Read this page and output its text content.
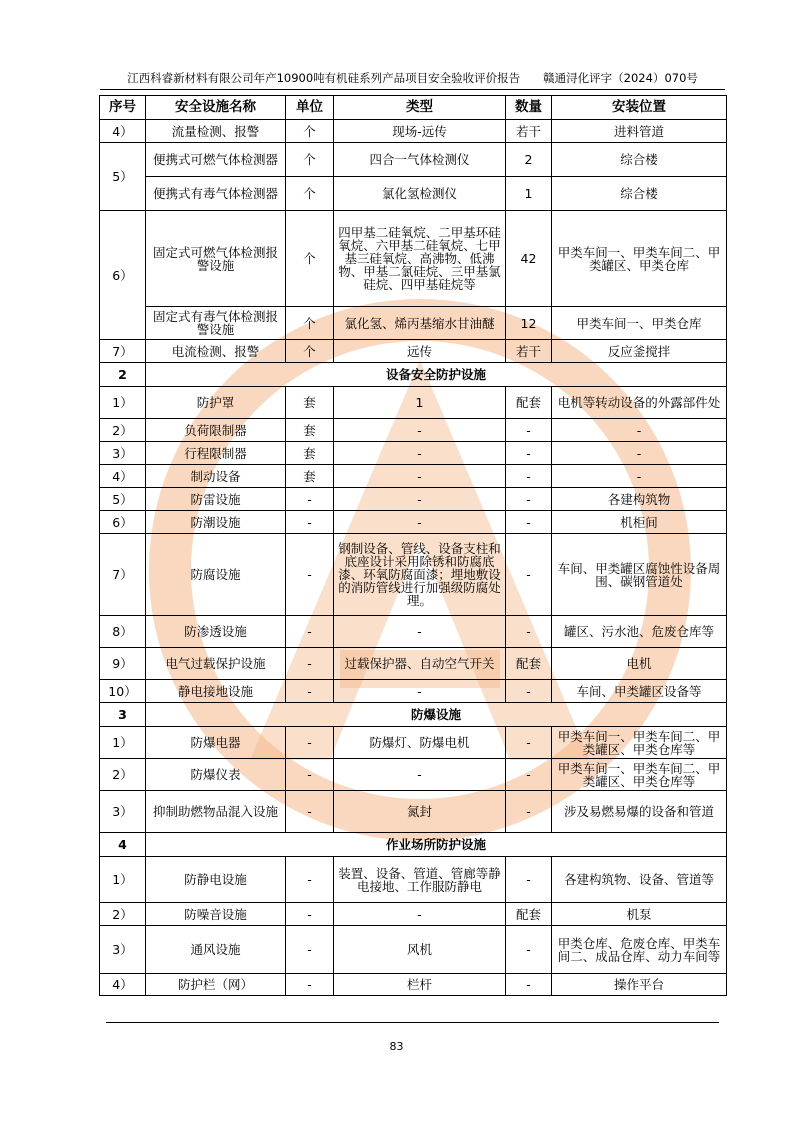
江西科睿新材料有限公司年产10900吨有机硅系列产品项目安全验收评价报告　　赣通浔化评字（2024）070号
序号	安全设施名称	单位	类型	数量	安装位置
4）	流量检测、报警	个	现场-远传	若干	进料管道
5）	便携式可燃气体检测器	个	四合一气体检测仪	2	综合楼
	便携式有毒气体检测器	个	氯化氢检测仪	1	综合楼
6）	固定式可燃气体检测报警设施	个	四甲基二硅氧烷、二甲基环硅氧烷、六甲基二硅氧烷、七甲基三硅氧烷、高沸物、低沸物、甲基二氯硅烷、三甲基氯硅烷、四甲基硅烷等	42	甲类车间一、甲类车间二、甲类罐区、甲类仓库
	固定式有毒气体检测报警设施	个	氯化氢、烯丙基缩水甘油醚	12	甲类车间一、甲类仓库
7）	电流检测、报警	个	远传	若干	反应釜搅拌
2	设备安全防护设施				
1）	防护罩	套	1	配套	电机等转动设备的外露部件处
2）	负荷限制器	套	-	-	-
3）	行程限制器	套	-	-	-
4）	制动设备	套	-	-	-
5）	防雷设施	-	-	-	各建构筑物
6）	防潮设施	-	-	-	机柜间
7）	防腐设施	-	钢制设备、管线、设备支柱和底座设计采用除锈和防腐底漆、环氧防腐面漆；埋地敷设的消防管线进行加强级防腐处理。	-	车间、甲类罐区腐蚀性设备周围、碳钢管道处
8）	防渗透设施	-	-	-	罐区、污水池、危废仓库等
9）	电气过载保护设施	-	过载保护器、自动空气开关	配套	电机
10）	静电接地设施	-	-	-	车间、甲类罐区设备等
3	防爆设施				
1）	防爆电器	-	防爆灯、防爆电机	-	甲类车间一、甲类车间二、甲类罐区、甲类仓库等
2）	防爆仪表	-	-	-	甲类车间一、甲类车间二、甲类罐区、甲类仓库等
3）	抑制助燃物品混入设施	-	氮封	-	涉及易燃易爆的设备和管道
4	作业场所防护设施				
1）	防静电设施	-	装置、设备、管道、管廊等静电接地、工作服防静电	-	各建构筑物、设备、管道等
2）	防噪音设施	-	-	配套	机泵
3）	通风设施	-	风机	-	甲类仓库、危废仓库、甲类车间二、成品仓库、动力车间等
4）	防护栏（网）	-	栏杆	-	操作平台
83
